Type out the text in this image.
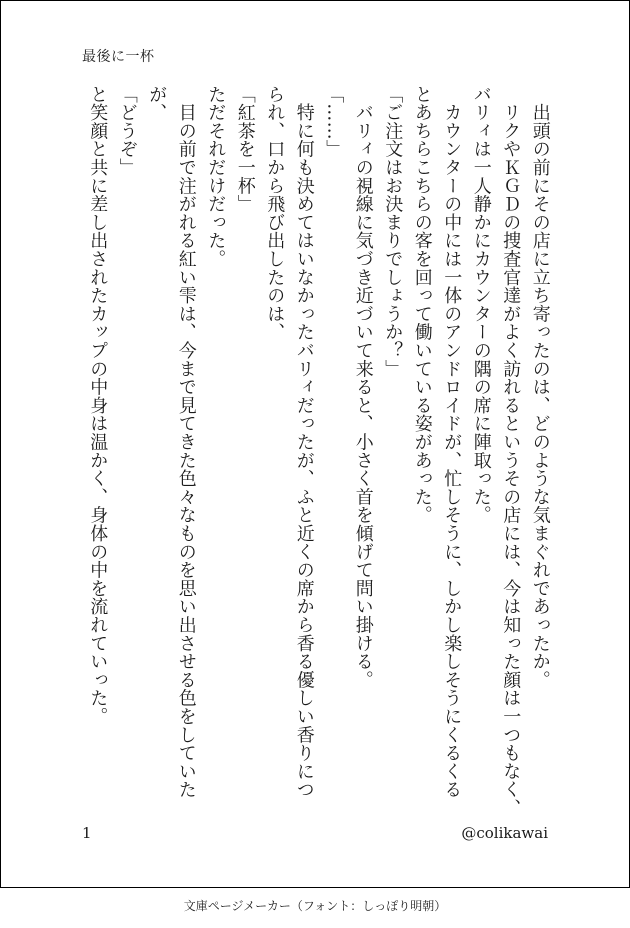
最後に一杯
　出頭の前にその店に立ち寄ったのは、どのような気まぐれであったか。
　リクやＫＧＤの捜査官達がよく訪れるというその店には、今は知った顔は一つもなく、
バリィは一人静かにカウンターの隅の席に陣取った。
　カウンターの中には一体のアンドロイドが、忙しそうに、しかし楽しそうにくるくる
とあちらこちらの客を回って働いている姿があった。
「ご注文はお決まりでしょうか？」
　バリィの視線に気づき近づいて来ると、小さく首を傾げて問い掛ける。
「……」
　特に何も決めてはいなかったバリィだったが、ふと近くの席から香る優しい香りにつ
られ、口から飛び出したのは、
「紅茶を一杯」
ただそれだけだった。
　目の前で注がれる紅い雫は、今まで見てきた色々なものを思い出させる色をしていた
が、
「どうぞ」
と笑顔と共に差し出されたカップの中身は温かく、身体の中を流れていった。
1	@colikawai
文庫ページメーカー（フォント：しっぽり明朝）
